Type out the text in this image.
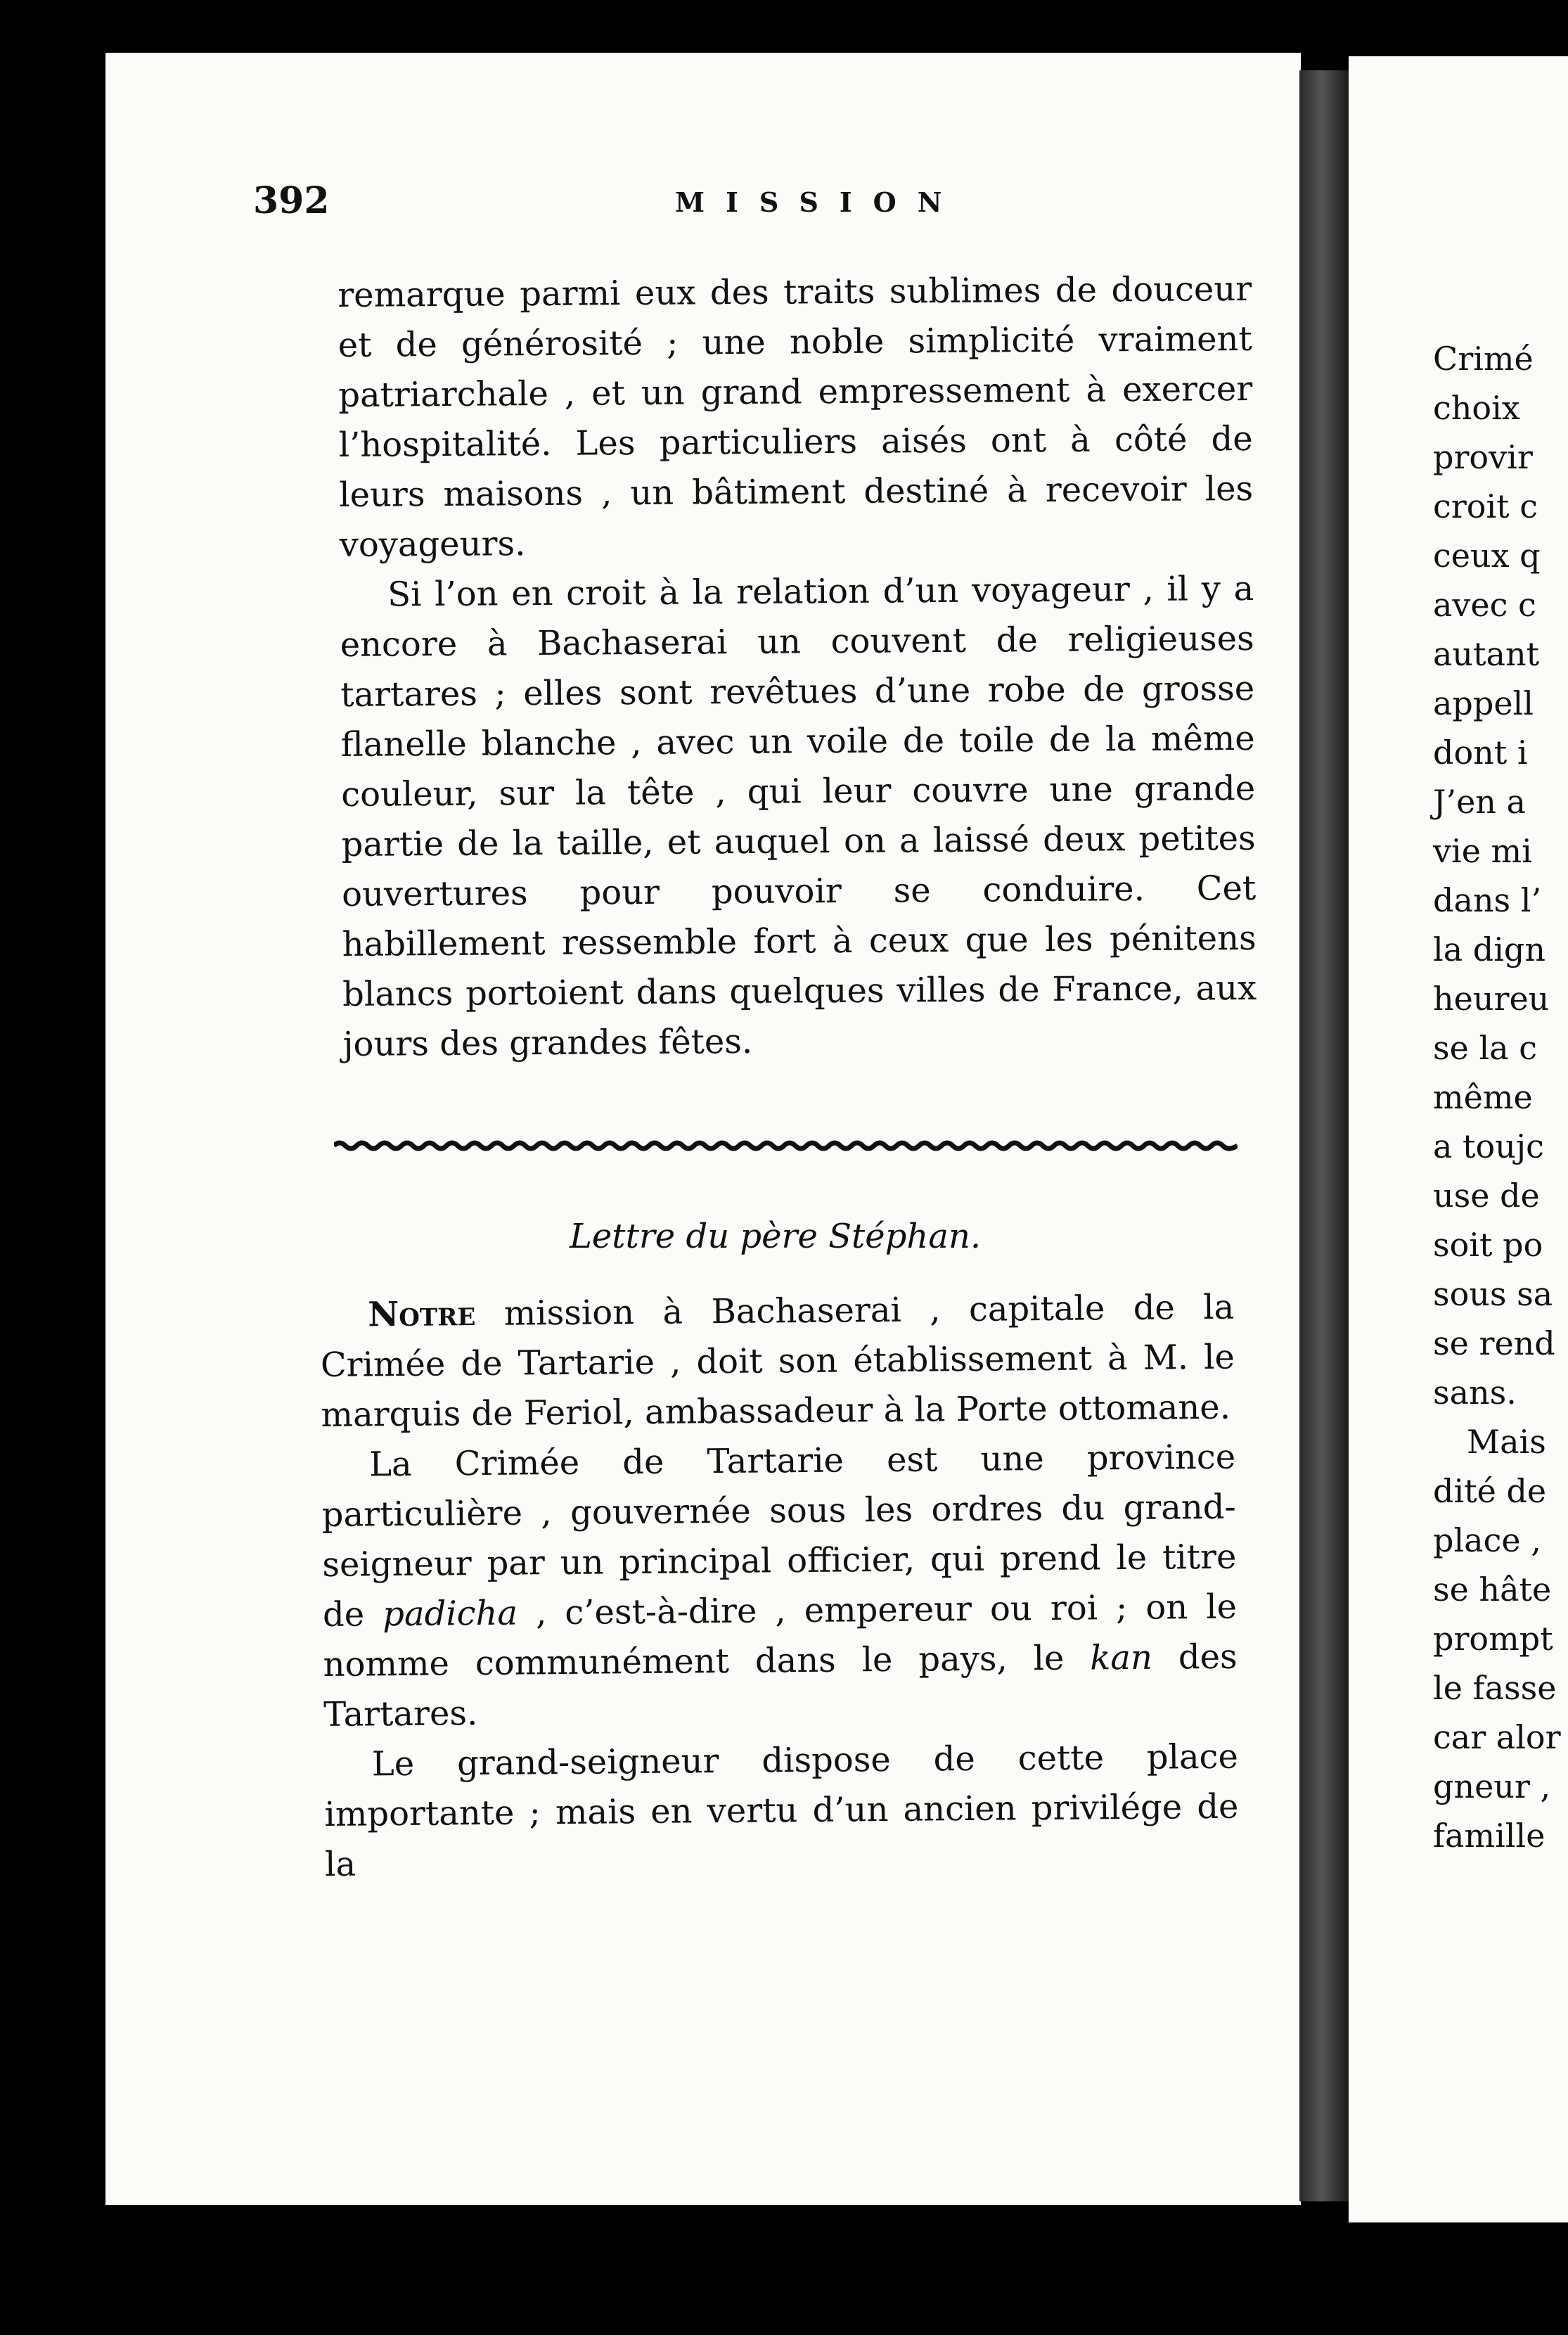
Crimé
choix
provir
croit c
ceux q
avec c
autant
appell
dont i
J’en a
vie mi
dans l’
la dign
heureu
se la c
même
a toujc
use de
soit po
sous sa
se rend
sans.
Mais
dité de
place ,
se hâte
prompt
le fasse
car alor
gneur ,
famille
392	MISSION

remarque parmi eux des traits sublimes de douceur et de générosité ; une noble simplicité vraiment patriarchale , et un grand empressement à exercer l’hospitalité. Les particuliers aisés ont à côté de leurs maisons , un bâtiment destiné à recevoir les voyageurs.

Si l’on en croit à la relation d’un voyageur , il y a encore à Bachaserai un couvent de religieuses tartares ; elles sont revêtues d’une robe de grosse flanelle blanche , avec un voile de toile de la même couleur, sur la tête , qui leur couvre une grande partie de la taille, et auquel on a laissé deux petites ouvertures pour pouvoir se conduire. Cet habillement ressemble fort à ceux que les pénitens blancs portoient dans quelques villes de France, aux jours des grandes fêtes.

Lettre du père Stéphan.

Notre mission à Bachaserai , capitale de la Crimée de Tartarie , doit son établissement à M. le marquis de Feriol, ambassadeur à la Porte ottomane.

La Crimée de Tartarie est une province particulière , gouvernée sous les ordres du grand-seigneur par un principal officier, qui prend le titre de padicha , c’est-à-dire , empereur ou roi ; on le nomme communément dans le pays, le kan des Tartares.

Le grand-seigneur dispose de cette place importante ; mais en vertu d’un ancien privilége de la
